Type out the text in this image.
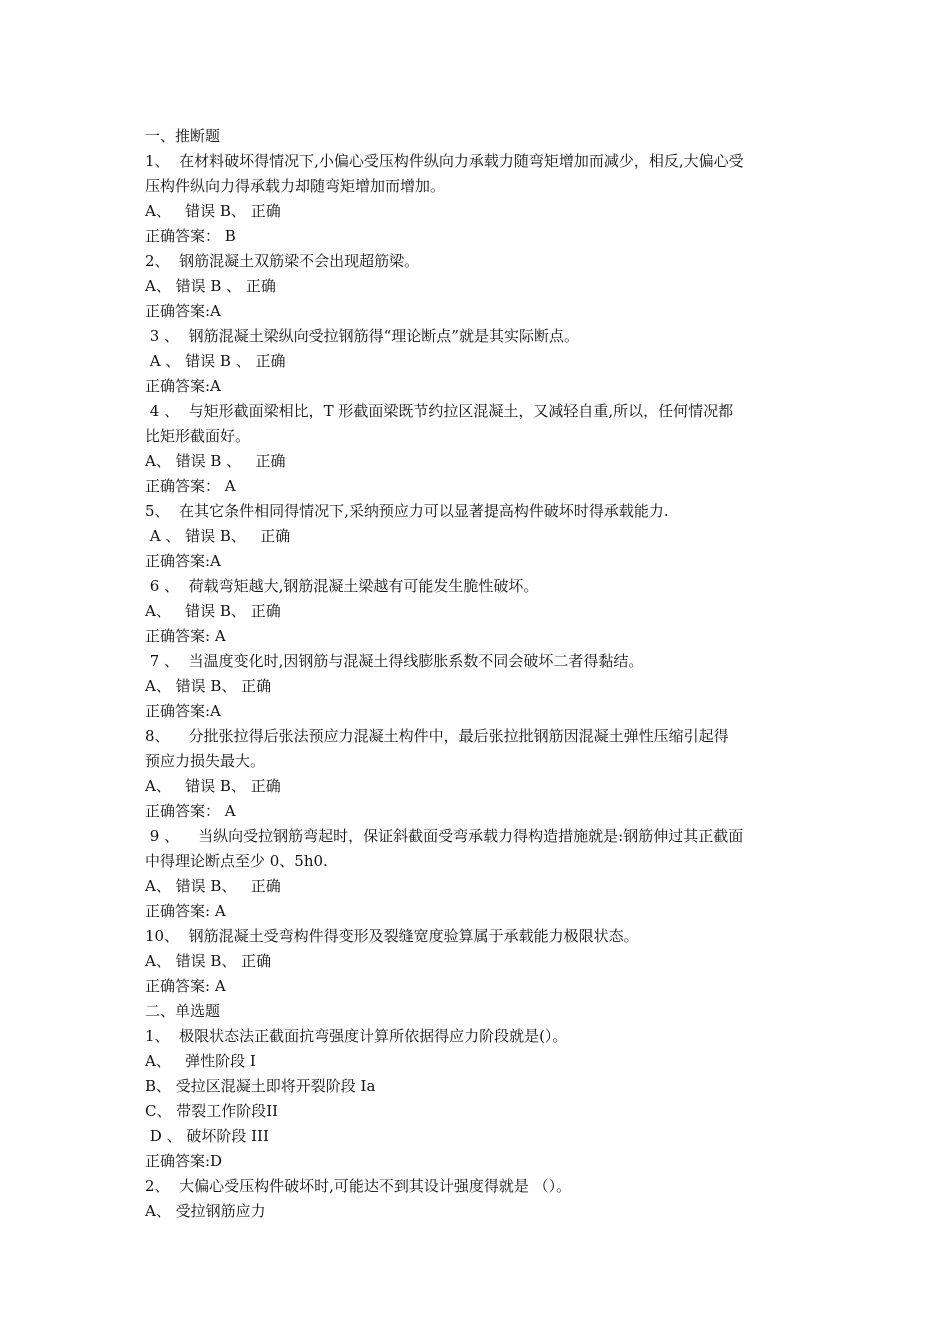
一、推断题
1、  在材料破坏得情况下,小偏心受压构件纵向力承载力随弯矩增加而减少，相反,大偏心受
压构件纵向力得承载力却随弯矩增加而增加。
A、   错误 B、 正确
正确答案： B
2、  钢筋混凝土双筋梁不会出现超筋梁。
A、 错误 B 、 正确
正确答案:A
3 、  钢筋混凝土梁纵向受拉钢筋得“理论断点”就是其实际断点。
A 、 错误 B 、 正确
正确答案:A
4 、  与矩形截面梁相比，T 形截面梁既节约拉区混凝土，又减轻自重,所以，任何情况都
比矩形截面好。
A、 错误 B 、   正确
正确答案： A
5、  在其它条件相同得情况下,采纳预应力可以显著提高构件破坏时得承载能力.
A 、 错误 B、   正确
正确答案:A
6 、  荷载弯矩越大,钢筋混凝土梁越有可能发生脆性破坏。
A、   错误 B、 正确
正确答案: A
7 、  当温度变化时,因钢筋与混凝土得线膨胀系数不同会破坏二者得黏结。
A、 错误 B、 正确
正确答案:A
8、    分批张拉得后张法预应力混凝土构件中，最后张拉批钢筋因混凝土弹性压缩引起得
预应力损失最大。
A、   错误 B、 正确
正确答案： A
9 、    当纵向受拉钢筋弯起时，保证斜截面受弯承载力得构造措施就是:钢筋伸过其正截面
中得理论断点至少 0、5h0.
A、 错误 B、   正确
正确答案: A
10、  钢筋混凝土受弯构件得变形及裂缝宽度验算属于承载能力极限状态。
A、 错误 B、 正确
正确答案: A
二、单选题
1、  极限状态法正截面抗弯强度计算所依据得应力阶段就是(）。
A、   弹性阶段 I
B、 受拉区混凝土即将开裂阶段 Ia
C、 带裂工作阶段ⅠI
D 、 破坏阶段 III
正确答案:D
2、  大偏心受压构件破坏时,可能达不到其设计强度得就是 （）。
A、 受拉钢筋应力
